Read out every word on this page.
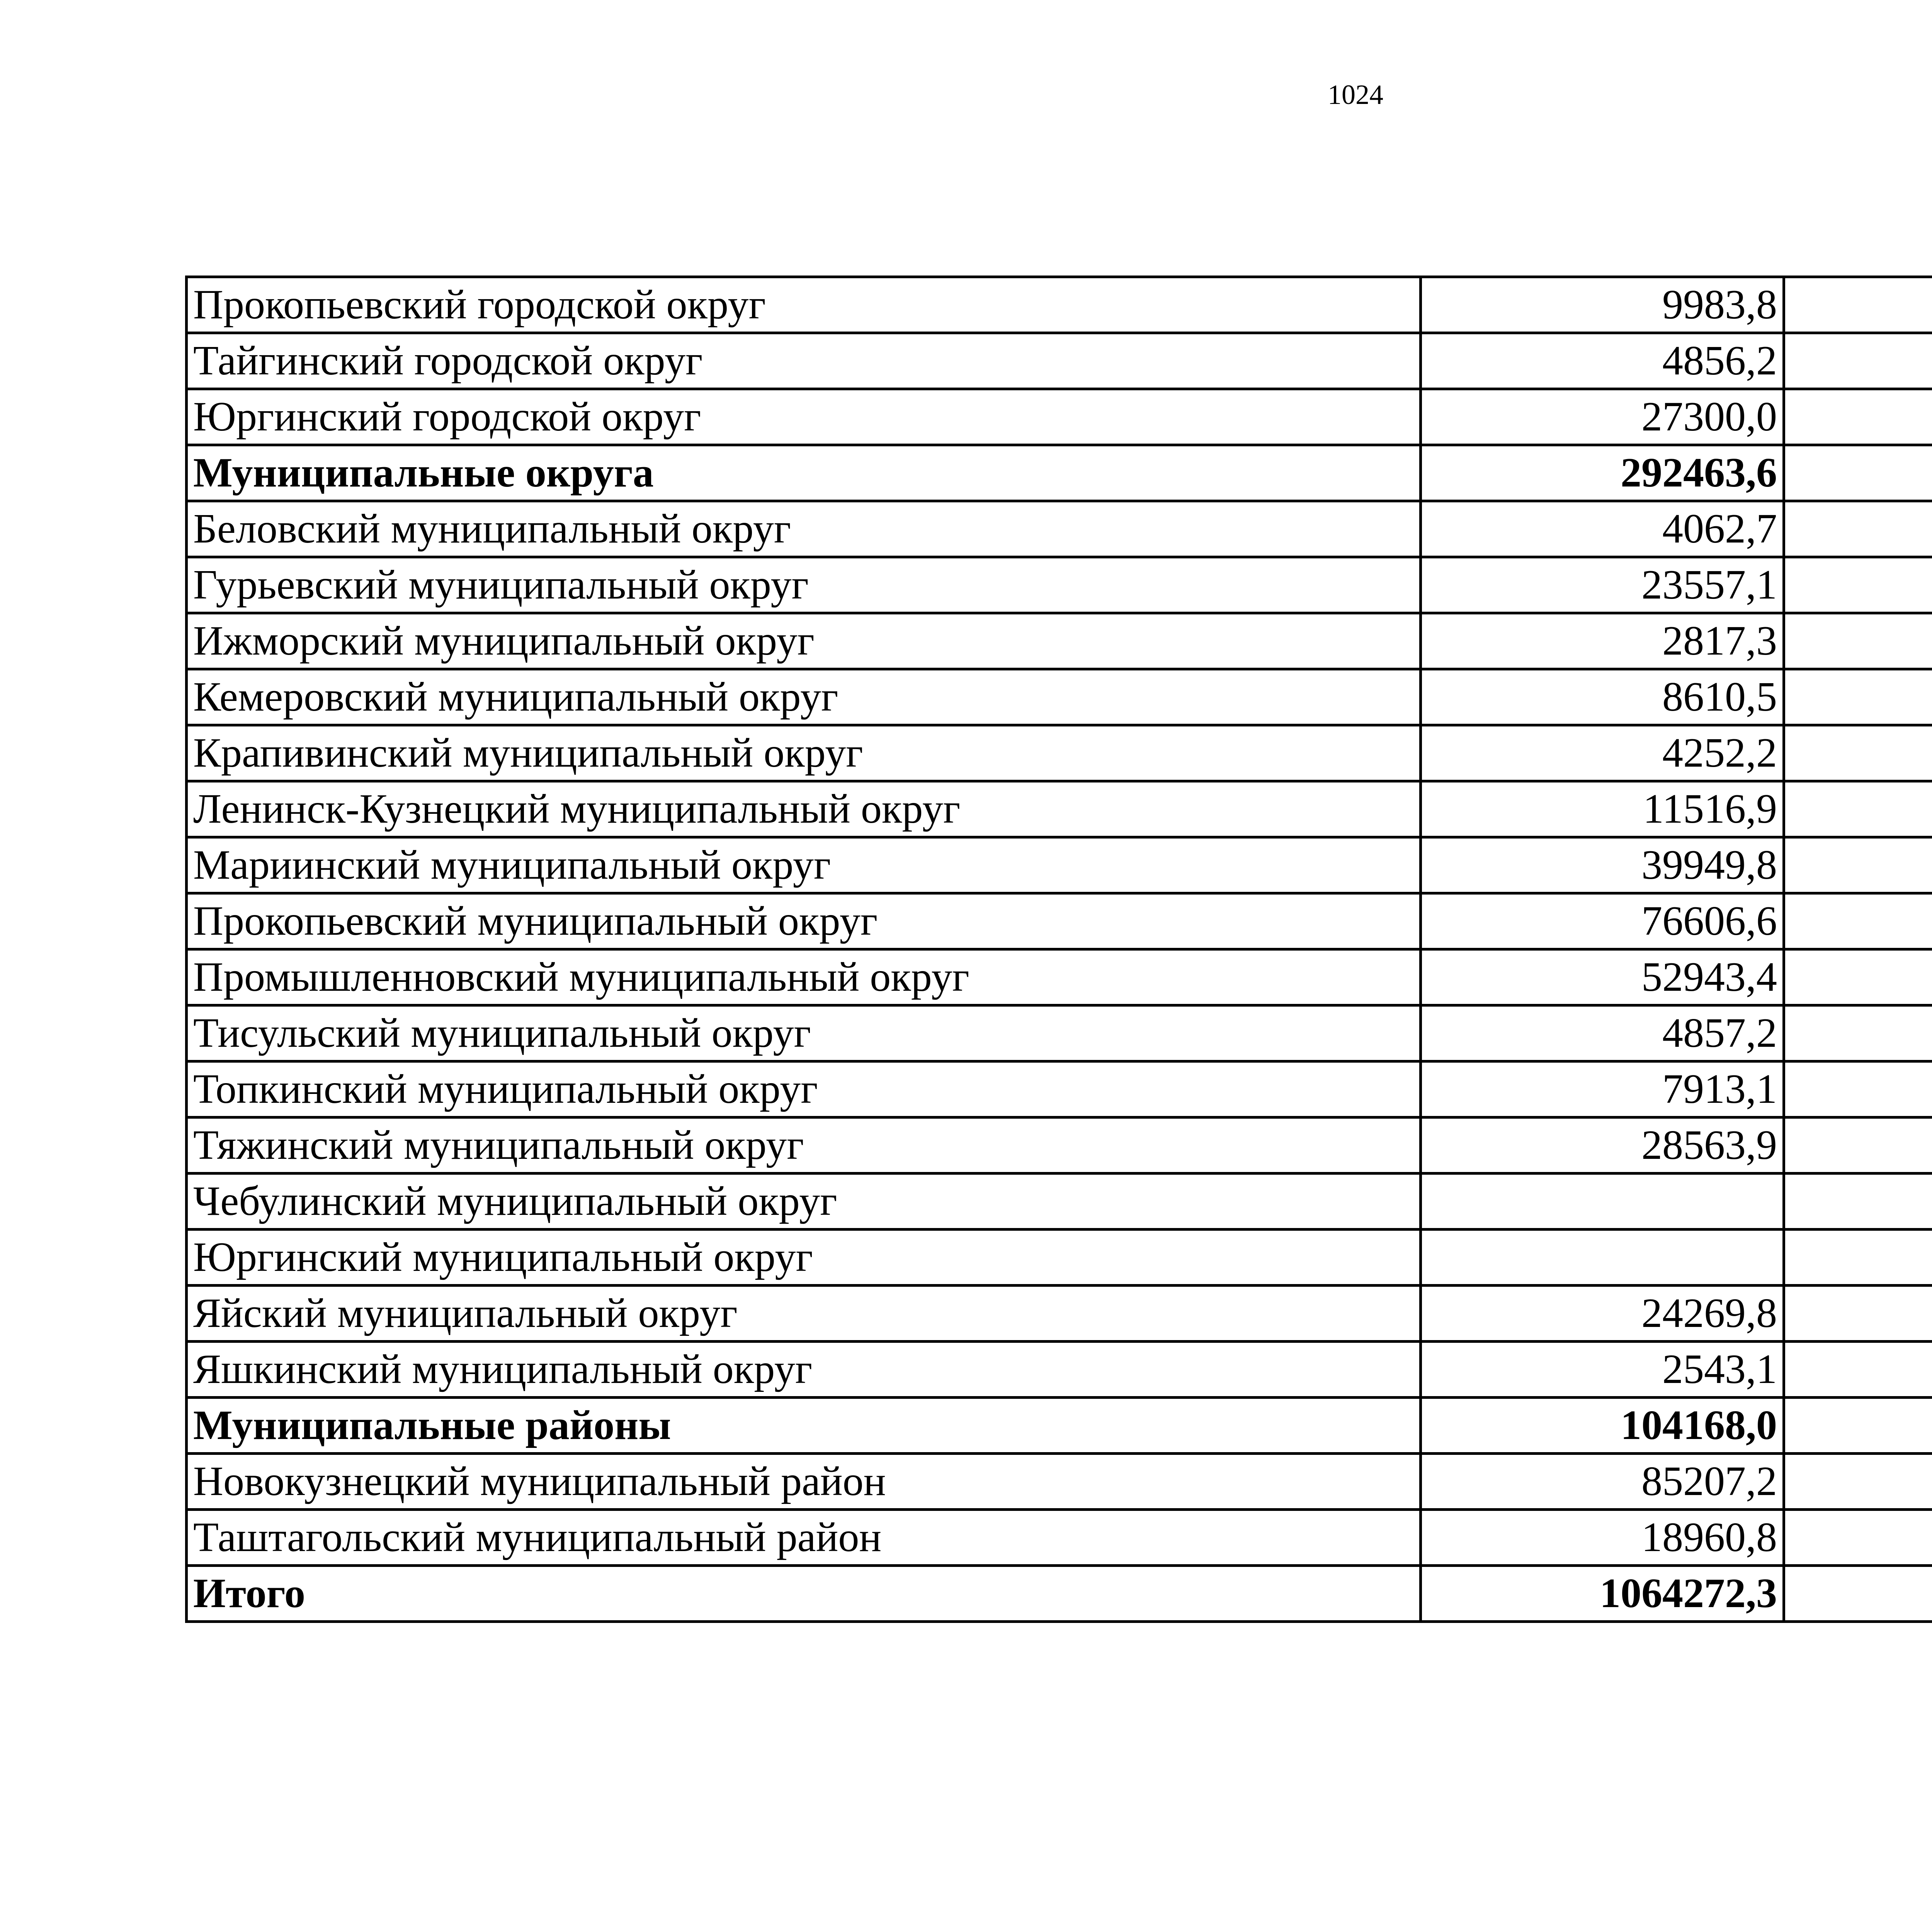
1024
Прокопьевский городской округ	9983,8		
Тайгинский городской округ	4856,2		
Юргинский городской округ	27300,0		
Муниципальные округа	292463,6		
Беловский муниципальный округ	4062,7		
Гурьевский муниципальный округ	23557,1		
Ижморский муниципальный округ	2817,3		
Кемеровский муниципальный округ	8610,5		
Крапивинский муниципальный округ	4252,2		
Ленинск-Кузнецкий муниципальный округ	11516,9		
Мариинский муниципальный округ	39949,8		
Прокопьевский муниципальный округ	76606,6		
Промышленновский муниципальный округ	52943,4		
Тисульский муниципальный округ	4857,2		
Топкинский муниципальный округ	7913,1		
Тяжинский муниципальный округ	28563,9		
Чебулинский муниципальный округ			
Юргинский муниципальный округ			
Яйский муниципальный округ	24269,8		
Яшкинский муниципальный округ	2543,1		
Муниципальные районы	104168,0		
Новокузнецкий муниципальный район	85207,2		
Таштагольский муниципальный район	18960,8		
Итого	1064272,3		
